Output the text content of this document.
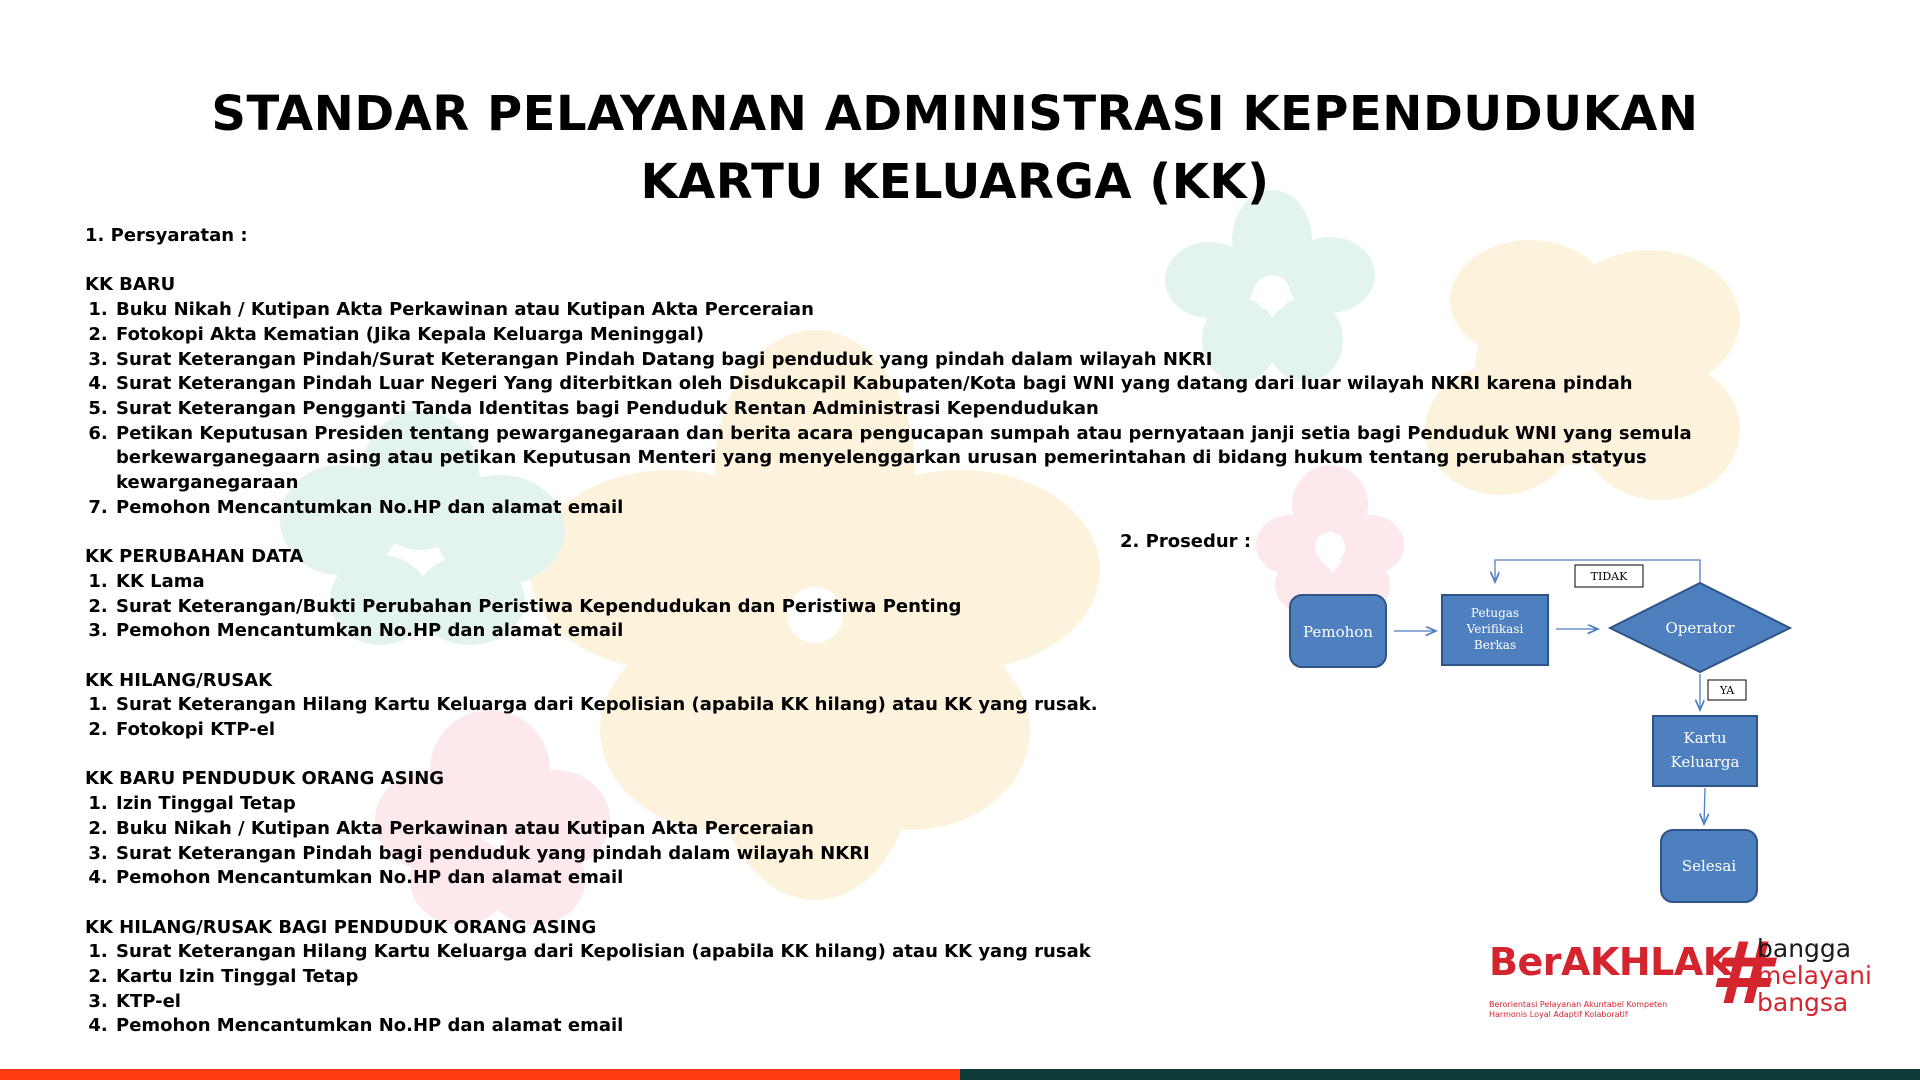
STANDAR PELAYANAN ADMINISTRASI KEPENDUDUKAN
KARTU KELUARGA (KK)
1. Persyaratan :
KK BARU
1. Buku Nikah / Kutipan Akta Perkawinan atau Kutipan Akta Perceraian
2. Fotokopi Akta Kematian (Jika Kepala Keluarga Meninggal)
3. Surat Keterangan Pindah/Surat Keterangan Pindah Datang bagi penduduk yang pindah dalam wilayah NKRI
4. Surat Keterangan Pindah Luar Negeri Yang diterbitkan oleh Disdukcapil Kabupaten/Kota bagi WNI yang datang dari luar wilayah NKRI karena pindah
5. Surat Keterangan Pengganti Tanda Identitas bagi Penduduk Rentan Administrasi Kependudukan
6. Petikan Keputusan Presiden tentang pewarganegaraan dan berita acara pengucapan sumpah atau pernyataan janji setia bagi Penduduk WNI yang semula berkewarganegaarn asing atau petikan Keputusan Menteri yang menyelenggarkan urusan pemerintahan di bidang hukum tentang perubahan statyus kewarganegaraan
7. Pemohon Mencantumkan No.HP dan alamat email
KK PERUBAHAN DATA
1. KK Lama
2. Surat Keterangan/Bukti Perubahan Peristiwa Kependudukan dan Peristiwa Penting
3. Pemohon Mencantumkan No.HP dan alamat email
KK HILANG/RUSAK
1. Surat Keterangan Hilang Kartu Keluarga dari Kepolisian (apabila KK hilang) atau KK yang rusak.
2. Fotokopi KTP-el
KK BARU PENDUDUK ORANG ASING
1. Izin Tinggal Tetap
2. Buku Nikah / Kutipan Akta Perkawinan atau Kutipan Akta Perceraian
3. Surat Keterangan Pindah bagi penduduk yang pindah dalam wilayah NKRI
4. Pemohon Mencantumkan No.HP dan alamat email
KK HILANG/RUSAK BAGI PENDUDUK ORANG ASING
1. Surat Keterangan Hilang Kartu Keluarga dari Kepolisian (apabila KK hilang) atau KK yang rusak
2. Kartu Izin Tinggal Tetap
3. KTP-el
4. Pemohon Mencantumkan No.HP dan alamat email
2. Prosedur :
TIDAK
Pemohon
Petugas
Verifikasi
Berkas
Operator
YA
Kartu
Keluarga
Selesai
BerAKHLAK
Berorientasi Pelayanan Akuntabel Kompeten
Harmonis Loyal Adaptif Kolaboratif #
bangga
melayani
bangsa
